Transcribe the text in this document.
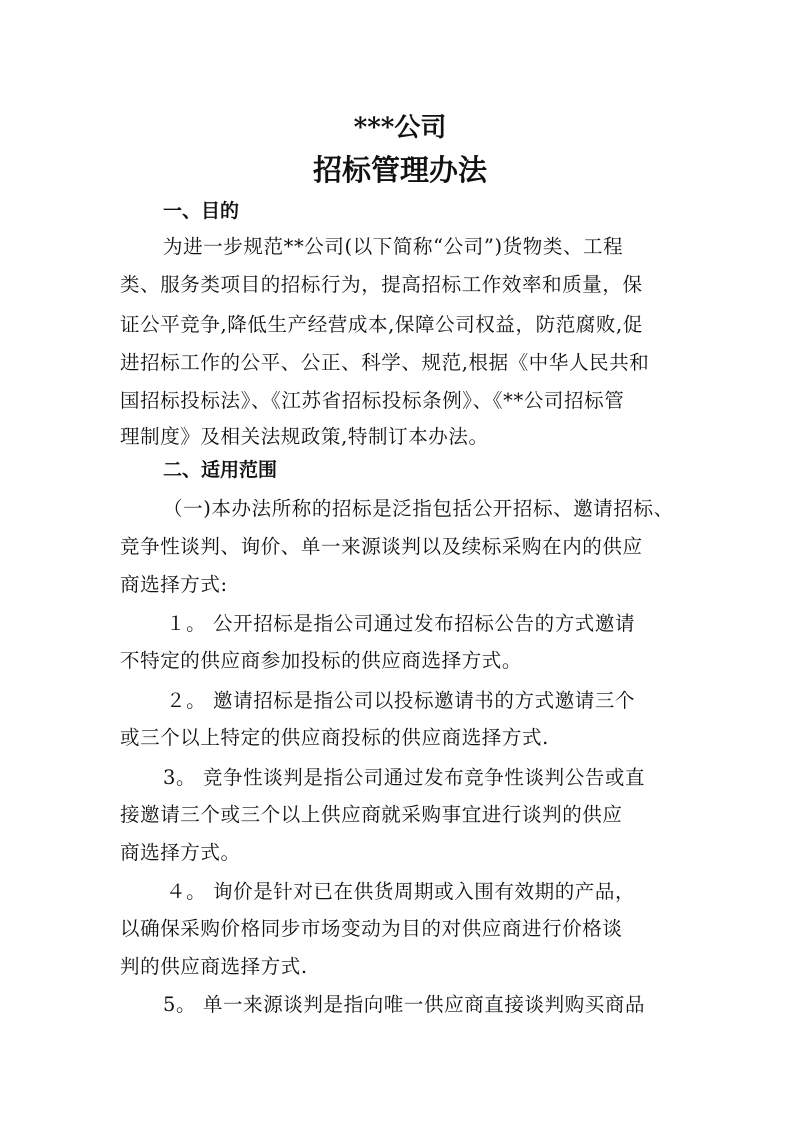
***公司
招标管理办法
一、目的
为进一步规范**公司(以下简称“公司”)货物类、工程
类、服务类项目的招标行为，提高招标工作效率和质量，保
证公平竞争,降低生产经营成本,保障公司权益，防范腐败,促
进招标工作的公平、公正、科学、规范,根据《中华人民共和
国招标投标法》、《江苏省招标投标条例》、《**公司招标管
理制度》及相关法规政策,特制订本办法。
二、适用范围
（一)本办法所称的招标是泛指包括公开招标、邀请招标、
竞争性谈判、询价、单一来源谈判以及续标采购在内的供应
商选择方式:
１。 公开招标是指公司通过发布招标公告的方式邀请
不特定的供应商参加投标的供应商选择方式。
２。 邀请招标是指公司以投标邀请书的方式邀请三个
或三个以上特定的供应商投标的供应商选择方式.
3。 竞争性谈判是指公司通过发布竞争性谈判公告或直
接邀请三个或三个以上供应商就采购事宜进行谈判的供应
商选择方式。
４。 询价是针对已在供货周期或入围有效期的产品，
以确保采购价格同步市场变动为目的对供应商进行价格谈
判的供应商选择方式.
5。 单一来源谈判是指向唯一供应商直接谈判购买商品
